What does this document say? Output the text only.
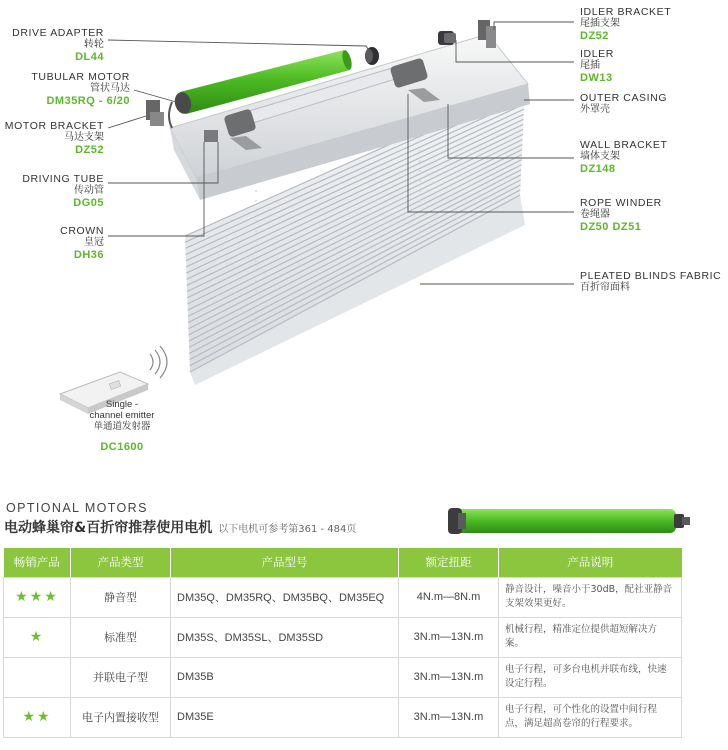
DRIVE ADAPTER
转轮
DL44
TUBULAR MOTOR
管状马达
DM35RQ - 6/20
MOTOR BRACKET
马达支架
DZ52
DRIVING TUBE
传动管
DG05
CROWN
皇冠
DH36
IDLER BRACKET
尾插支架
DZ52
IDLER
尾插
DW13
OUTER CASING
外罩壳
WALL BRACKET
墙体支架
DZ148
ROPE WINDER
卷绳器
DZ50 DZ51
PLEATED BLINDS FABRIC
百折帘面料
Single -
channel emitter
单通道发射器
DC1600
OPTIONAL MOTORS
电动蜂巢帘&百折帘推荐使用电机 以下电机可参考第361 - 484页
畅销产品	产品类型	产品型号	额定扭距	产品说明
★★★	静音型	DM35Q、DM35RQ、DM35BQ、DM35EQ	4N.m—8N.m	静音设计，噪音小于30dB，配社亚静音支架效果更好。
★	标准型	DM35S、DM35SL、DM35SD	3N.m—13N.m	机械行程，精准定位提供超短解决方案。
	并联电子型	DM35B	3N.m—13N.m	电子行程，可多台电机并联布线，快速设定行程。
★★	电子内置接收型	DM35E	3N.m—13N.m	电子行程，可个性化的设置中间行程点，满足超高卷帘的行程要求。
